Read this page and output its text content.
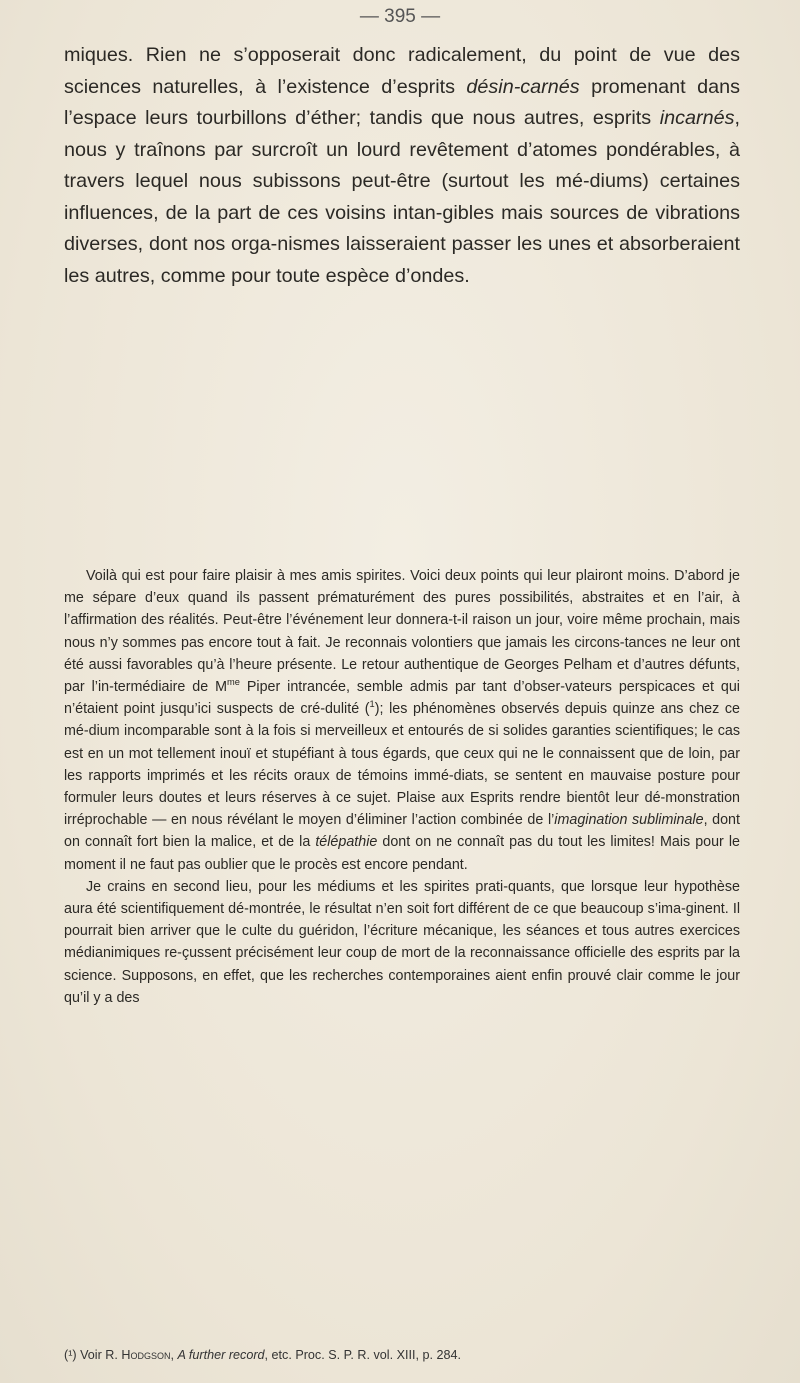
— 395 —

miques. Rien ne s’opposerait donc radicalement, du point de vue des sciences naturelles, à l’existence d’esprits désin-carnés promenant dans l’espace leurs tourbillons d’éther; tandis que nous autres, esprits incarnés, nous y traînons par surcroît un lourd revêtement d’atomes pondérables, à travers lequel nous subissons peut-être (surtout les mé-diums) certaines influences, de la part de ces voisins intan-gibles mais sources de vibrations diverses, dont nos orga-nismes laisseraient passer les unes et absorberaient les autres, comme pour toute espèce d’ondes.

Voilà qui est pour faire plaisir à mes amis spirites. Voici deux points qui leur plairont moins. D’abord je me sépare d’eux quand ils passent prématurément des pures possibilités, abstraites et en l’air, à l’affirmation des réalités. Peut-être l’événement leur donnera-t-il raison un jour, voire même prochain, mais nous n’y sommes pas encore tout à fait. Je reconnais volontiers que jamais les circons-tances ne leur ont été aussi favorables qu’à l’heure présente. Le retour authentique de Georges Pelham et d’autres défunts, par l’in-termédiaire de $M^{me}$ Piper intrancée, semble admis par tant d’obser-vateurs perspicaces et qui n’étaient point jusqu’ici suspects de cré-dulité ($^1$); les phénomènes observés depuis quinze ans chez ce mé-dium incomparable sont à la fois si merveilleux et entourés de si solides garanties scientifiques; le cas est en un mot tellement inouï et stupéfiant à tous égards, que ceux qui ne le connaissent que de loin, par les rapports imprimés et les récits oraux de témoins immé-diats, se sentent en mauvaise posture pour formuler leurs doutes et leurs réserves à ce sujet. Plaise aux Esprits rendre bientôt leur dé-monstration irréprochable — en nous révélant le moyen d’éliminer l’action combinée de l’imagination subliminale, dont on connaît fort bien la malice, et de la télépathie dont on ne connaît pas du tout les limites! Mais pour le moment il ne faut pas oublier que le procès est encore pendant.

Je crains en second lieu, pour les médiums et les spirites prati-quants, que lorsque leur hypothèse aura été scientifiquement dé-montrée, le résultat n’en soit fort différent de ce que beaucoup s’ima-ginent. Il pourrait bien arriver que le culte du guéridon, l’écriture mécanique, les séances et tous autres exercices médianimiques re-çussent précisément leur coup de mort de la reconnaissance officielle des esprits par la science. Supposons, en effet, que les recherches contemporaines aient enfin prouvé clair comme le jour qu’il y a des

(¹) Voir R. Hodgson, A further record, etc. Proc. S. P. R. vol. XIII, p. 284.
